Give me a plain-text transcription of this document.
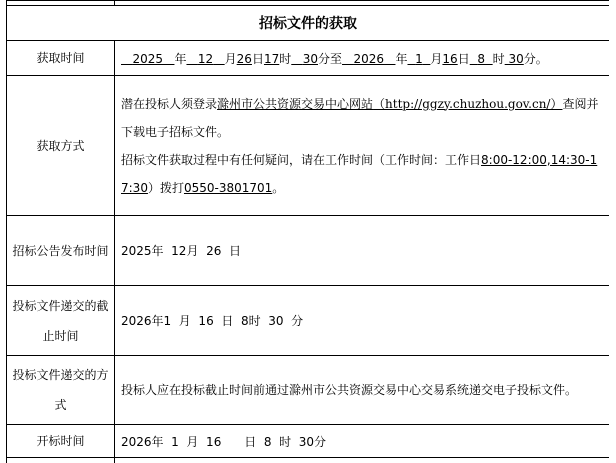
招标文件的获取	
获取时间	2025 年 12 月26日17时 30分至 2026 年 1 月16日 8 时 30分。
获取方式	潜在投标人须登录滁州市公共资源交易中心网站（http://ggzy.chuzhou.gov.cn/）查阅并下载电子招标文件。
招标文件获取过程中有任何疑问，请在工作时间（工作时间：工作日8:00-12:00,14:30-17:30）拨打0550-3801701。

招标公告发布时间	2025年  12月  26  日
投标文件递交的截止时间	2026年1  月  16  日  8时  30  分
投标文件递交的方式	投标人应在投标截止时间前通过滁州市公共资源交易中心交易系统递交电子投标文件。

开标时间	2026年  1  月  16      日  8  时  30分
